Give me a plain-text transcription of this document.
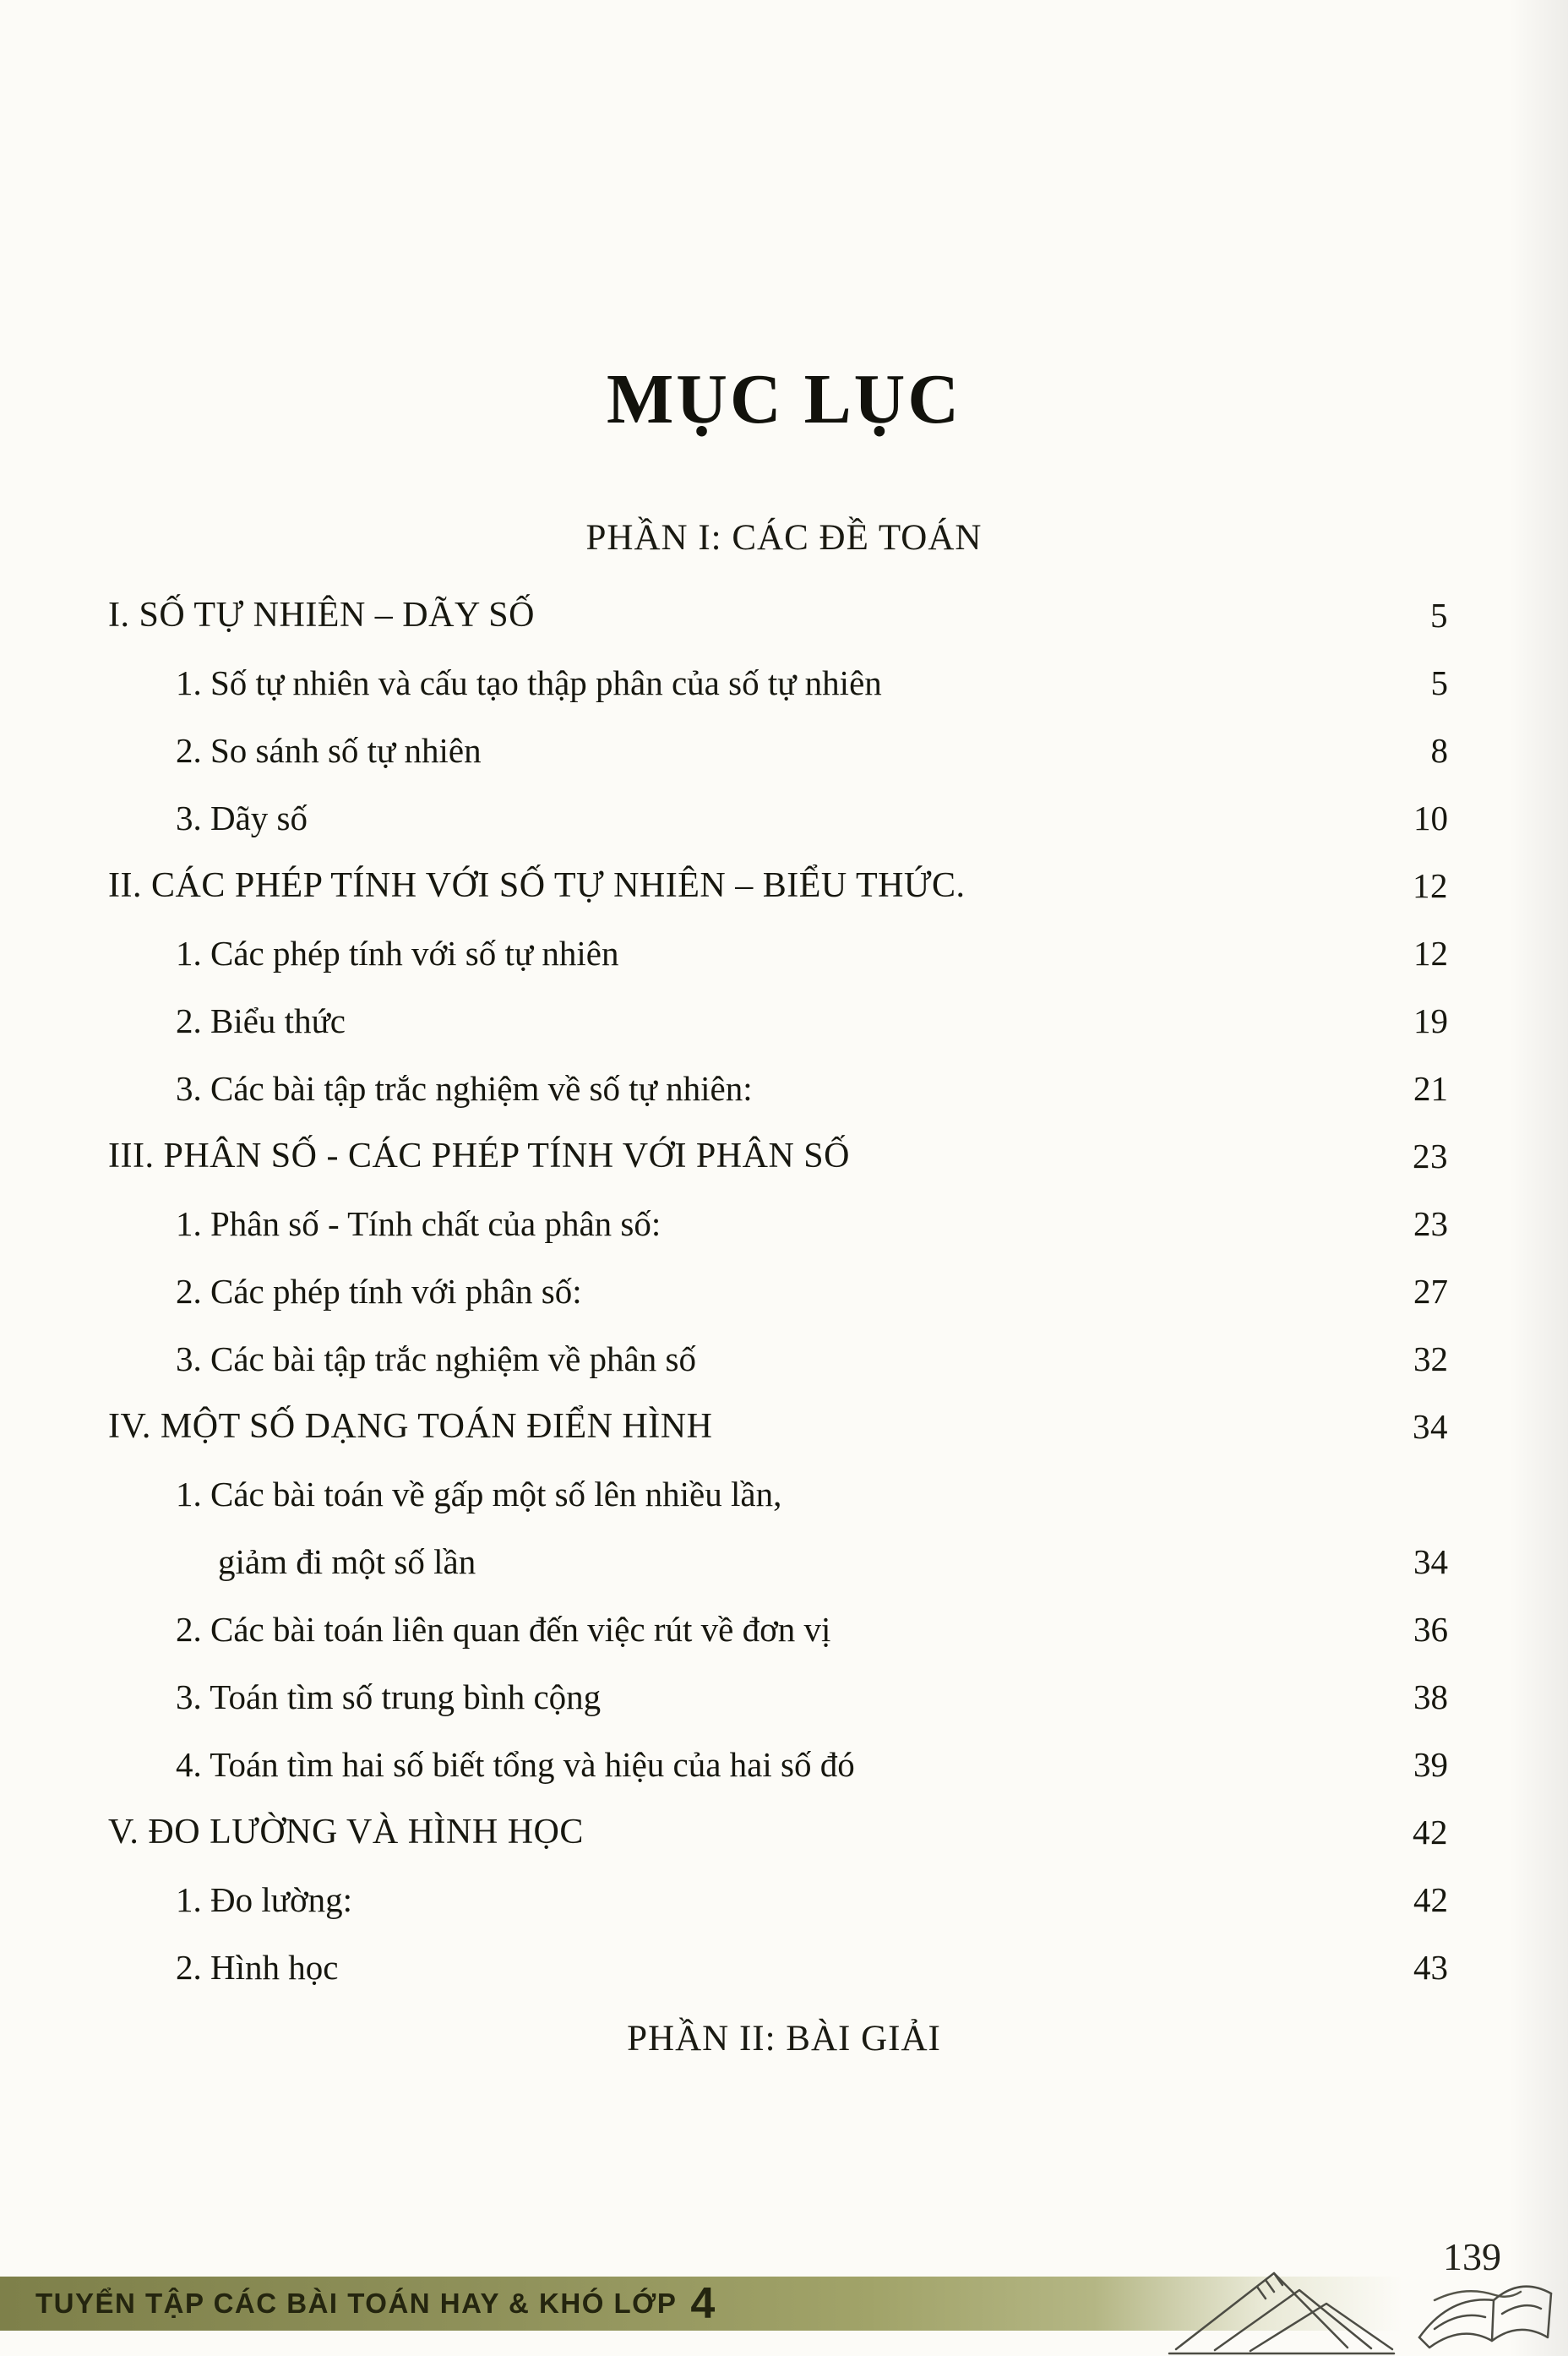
MỤC LỤC
PHẦN I: CÁC ĐỀ TOÁN
I. SỐ TỰ NHIÊN – DÃY SỐ	5
1. Số tự nhiên và cấu tạo thập phân của số tự nhiên	5
2. So sánh số tự nhiên	8
3. Dãy số	10
II. CÁC PHÉP TÍNH VỚI SỐ TỰ NHIÊN – BIỂU THỨC.	12
1. Các phép tính với số tự nhiên	12
2. Biểu thức	19
3. Các bài tập trắc nghiệm về số tự nhiên:	21
III. PHÂN SỐ - CÁC PHÉP TÍNH VỚI PHÂN SỐ	23
1. Phân số - Tính chất của phân số:	23
2. Các phép tính với phân số:	27
3. Các bài tập trắc nghiệm về phân số	32
IV. MỘT SỐ DẠNG TOÁN ĐIỂN HÌNH	34
1. Các bài toán về gấp một số lên nhiều lần,
giảm đi một số lần	34
2. Các bài toán liên quan đến việc rút về đơn vị	36
3. Toán tìm số trung bình cộng	38
4. Toán tìm hai số biết tổng và hiệu của hai số đó	39
V. ĐO LƯỜNG VÀ HÌNH HỌC	42
1. Đo lường:	42
2. Hình học	43
PHẦN II: BÀI GIẢI
139
TUYỂN TẬP CÁC BÀI TOÁN HAY & KHÓ LỚP 4
